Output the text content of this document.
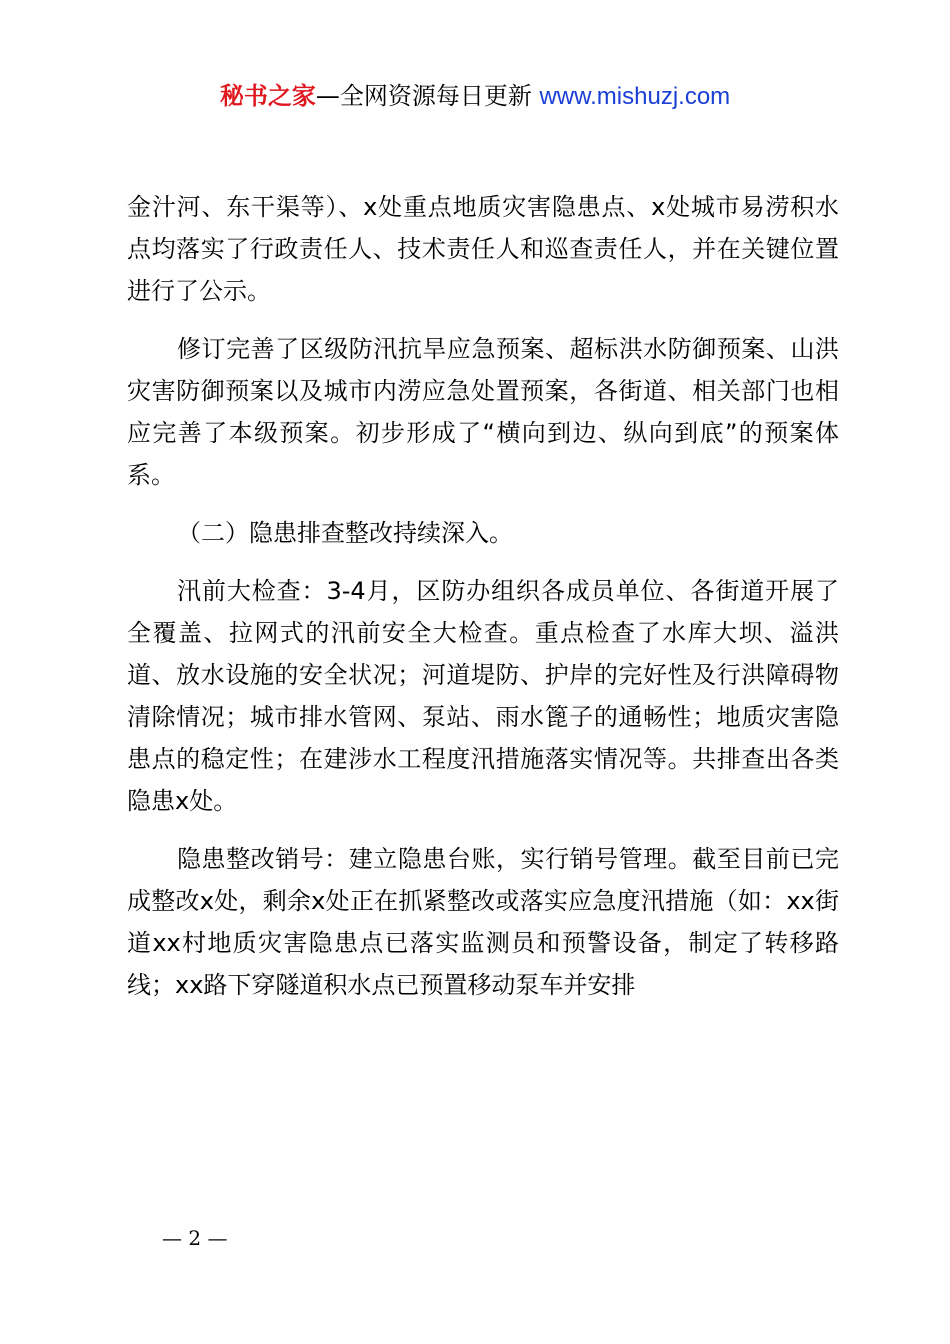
秘书之家—全网资源每日更新 www.mishuzj.com

金汁河、东干渠等）、x处重点地质灾害隐患点、x处城市易涝积水点均落实了行政责任人、技术责任人和巡查责任人，并在关键位置进行了公示。

修订完善了区级防汛抗旱应急预案、超标洪水防御预案、山洪灾害防御预案以及城市内涝应急处置预案，各街道、相关部门也相应完善了本级预案。初步形成了“横向到边、纵向到底”的预案体系。

（二）隐患排查整改持续深入。

汛前大检查：3-4月，区防办组织各成员单位、各街道开展了全覆盖、拉网式的汛前安全大检查。重点检查了水库大坝、溢洪道、放水设施的安全状况；河道堤防、护岸的完好性及行洪障碍物清除情况；城市排水管网、泵站、雨水篦子的通畅性；地质灾害隐患点的稳定性；在建涉水工程度汛措施落实情况等。共排查出各类隐患x处。

隐患整改销号：建立隐患台账，实行销号管理。截至目前已完成整改x处，剩余x处正在抓紧整改或落实应急度汛措施（如：xx街道xx村地质灾害隐患点已落实监测员和预警设备，制定了转移路线；xx路下穿隧道积水点已预置移动泵车并安排

— 2 —
